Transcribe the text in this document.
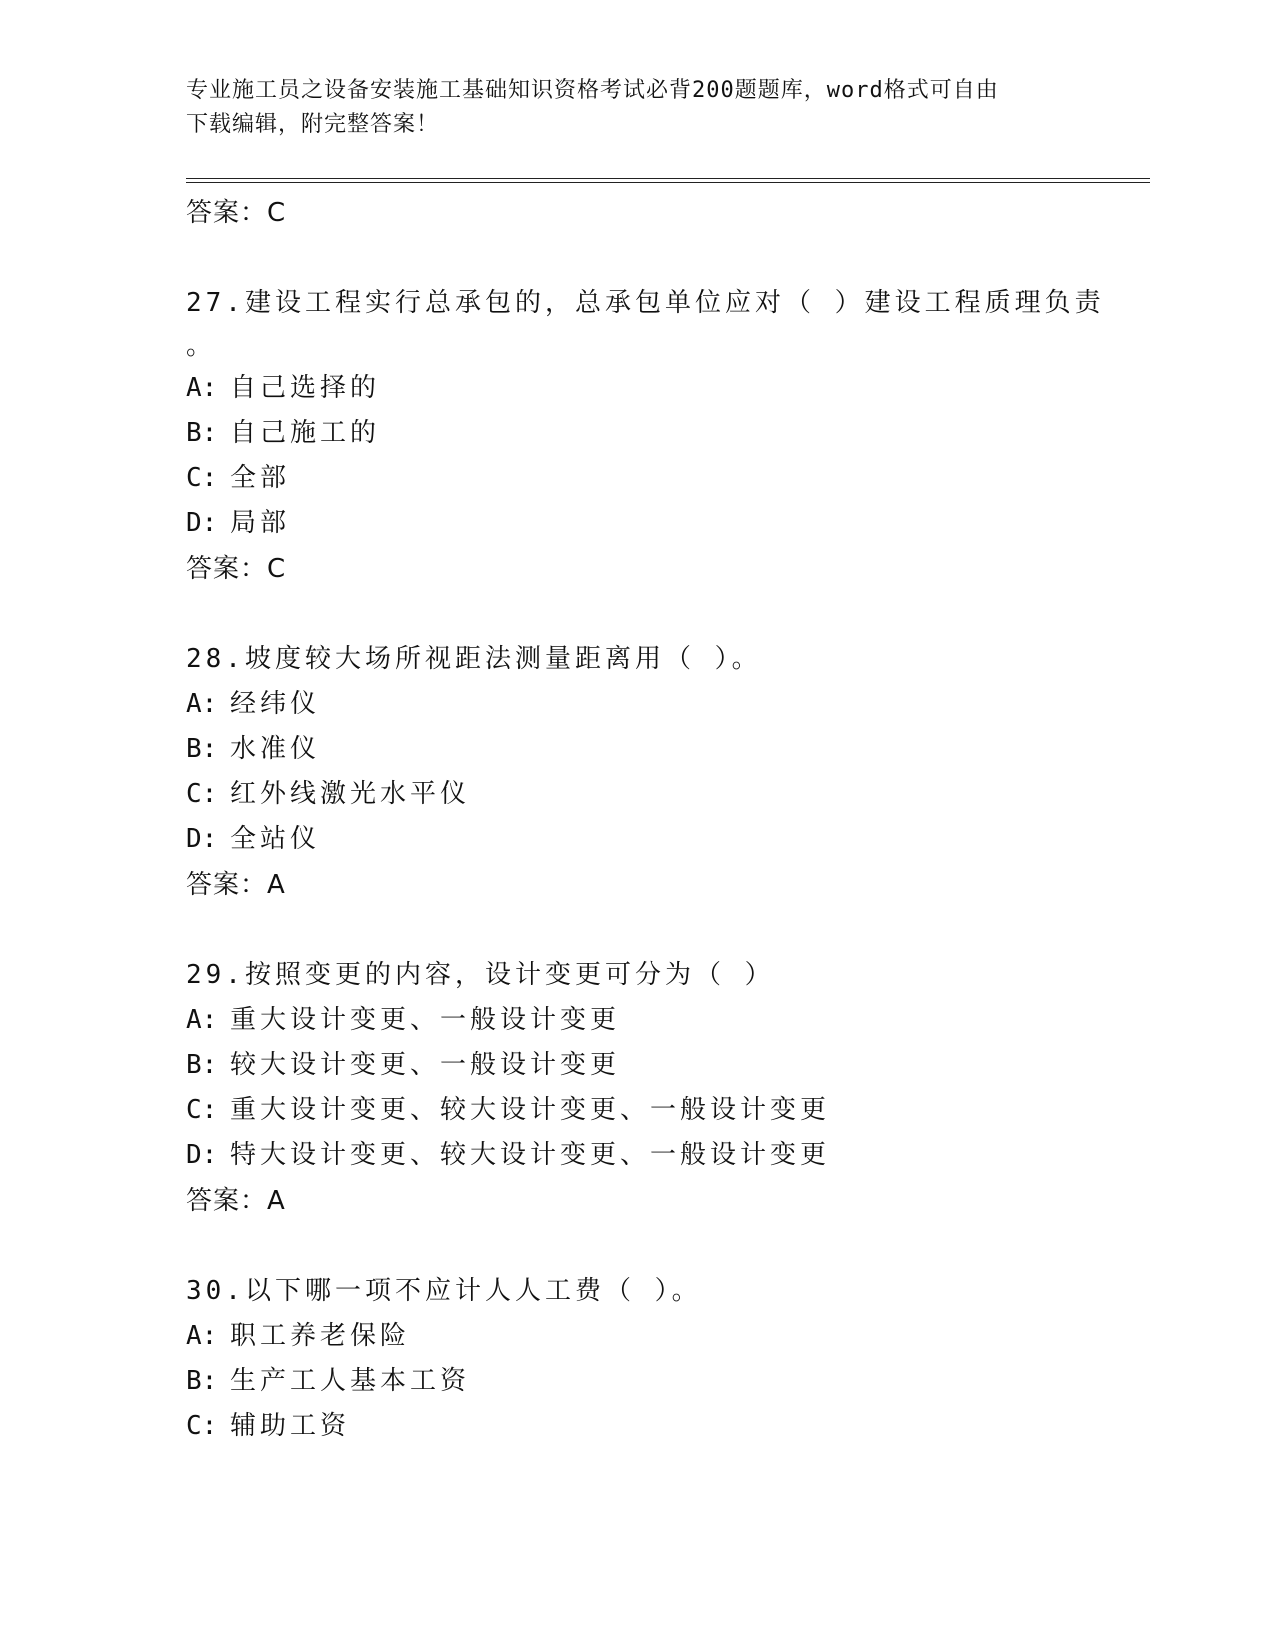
专业施工员之设备安装施工基础知识资格考试必背200题题库，word格式可自由
下载编辑，附完整答案！
答案：C
27.建设工程实行总承包的，总承包单位应对（ ）建设工程质理负责
。
A: 自己选择的
B: 自己施工的
C: 全部
D: 局部
答案：C
28.坡度较大场所视距法测量距离用（ ）。
A: 经纬仪
B: 水准仪
C: 红外线激光水平仪
D: 全站仪
答案：A
29.按照变更的内容，设计变更可分为（ ）
A: 重大设计变更、一般设计变更
B: 较大设计变更、一般设计变更
C: 重大设计变更、较大设计变更、一般设计变更
D: 特大设计变更、较大设计变更、一般设计变更
答案：A
30.以下哪一项不应计人人工费（ ）。
A: 职工养老保险
B: 生产工人基本工资
C: 辅助工资
